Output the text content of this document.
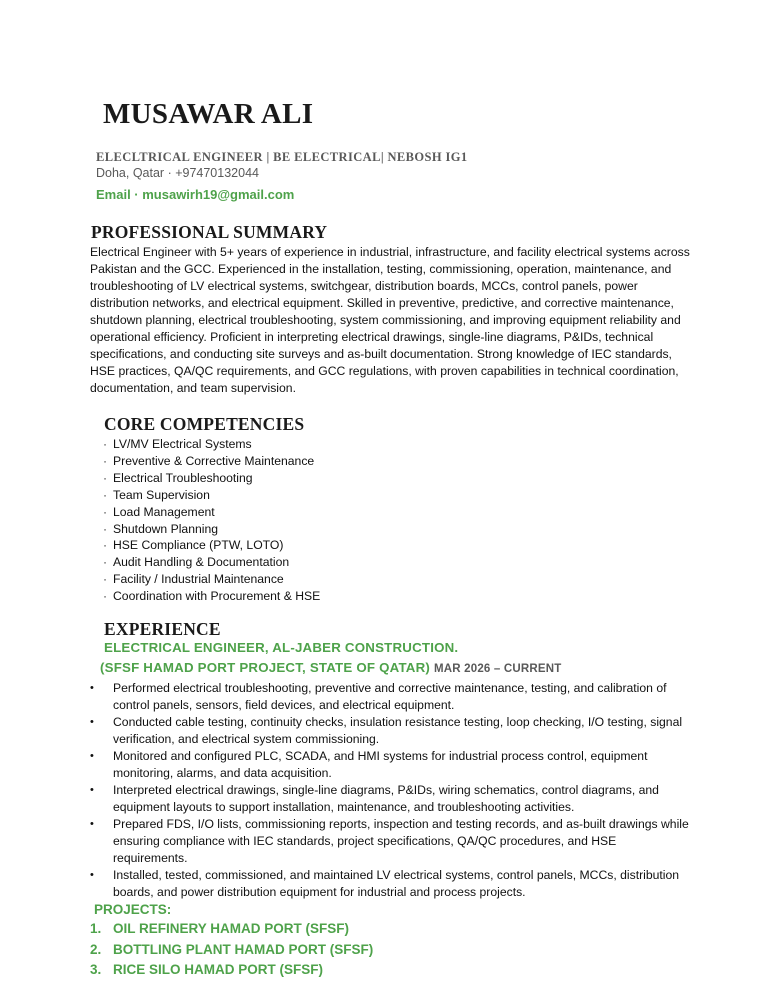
MUSAWAR ALI
ELECLTRICAL ENGINEER | BE ELECTRICAL| NEBOSH IG1
Doha, Qatar · +97470132044
Email · musawirh19@gmail.com
PROFESSIONAL SUMMARY
Electrical Engineer with 5+ years of experience in industrial, infrastructure, and facility electrical systems across Pakistan and the GCC. Experienced in the installation, testing, commissioning, operation, maintenance, and troubleshooting of LV electrical systems, switchgear, distribution boards, MCCs, control panels, power distribution networks, and electrical equipment. Skilled in preventive, predictive, and corrective maintenance, shutdown planning, electrical troubleshooting, system commissioning, and improving equipment reliability and operational efficiency. Proficient in interpreting electrical drawings, single-line diagrams, P&IDs, technical specifications, and conducting site surveys and as-built documentation. Strong knowledge of IEC standards, HSE practices, QA/QC requirements, and GCC regulations, with proven capabilities in technical coordination, documentation, and team supervision.
CORE COMPETENCIES
· LV/MV Electrical Systems
· Preventive & Corrective Maintenance
· Electrical Troubleshooting
· Team Supervision
· Load Management
· Shutdown Planning
· HSE Compliance (PTW, LOTO)
· Audit Handling & Documentation
· Facility / Industrial Maintenance
· Coordination with Procurement & HSE
EXPERIENCE
ELECTRICAL ENGINEER, AL-JABER CONSTRUCTION.
(SFSF HAMAD PORT PROJECT, STATE OF QATAR) MAR 2026 – CURRENT
•	Performed electrical troubleshooting, preventive and corrective maintenance, testing, and calibration of control panels, sensors, field devices, and electrical equipment.
•	Conducted cable testing, continuity checks, insulation resistance testing, loop checking, I/O testing, signal verification, and electrical system commissioning.
•	Monitored and configured PLC, SCADA, and HMI systems for industrial process control, equipment monitoring, alarms, and data acquisition.
•	Interpreted electrical drawings, single-line diagrams, P&IDs, wiring schematics, control diagrams, and equipment layouts to support installation, maintenance, and troubleshooting activities.
•	Prepared FDS, I/O lists, commissioning reports, inspection and testing records, and as-built drawings while ensuring compliance with IEC standards, project specifications, QA/QC procedures, and HSE requirements.
•	Installed, tested, commissioned, and maintained LV electrical systems, control panels, MCCs, distribution boards, and power distribution equipment for industrial and process projects.
PROJECTS:
1. OIL REFINERY HAMAD PORT (SFSF)
2. BOTTLING PLANT HAMAD PORT (SFSF)
3. RICE SILO HAMAD PORT (SFSF)
